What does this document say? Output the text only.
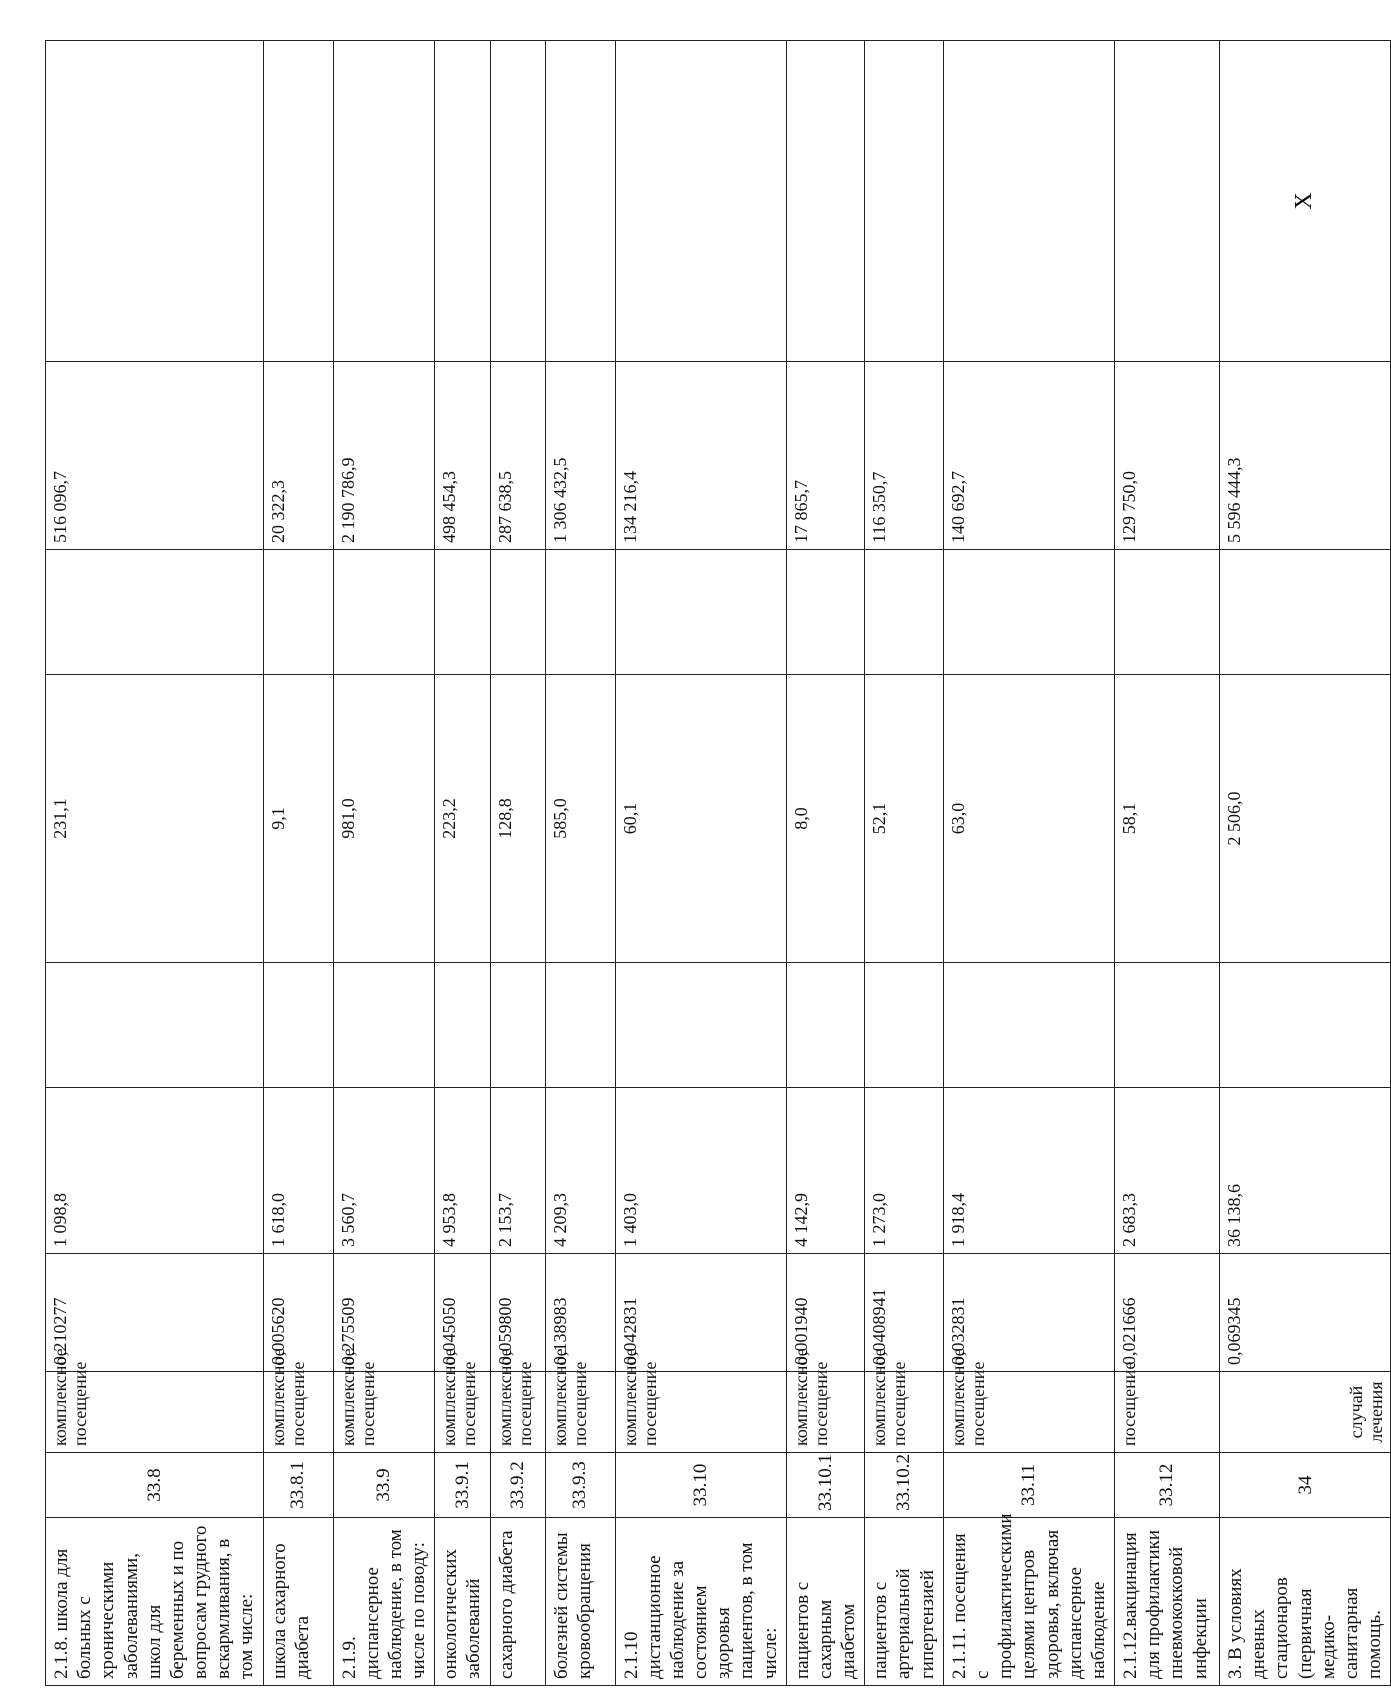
2.1.8. школа для больных с хроническими заболеваниями, школ для беременных и по вопросам грудного вскармливания, в том числе:	33.8	комплексное посещение	0,210277	1 098,8		231,1		516 096,7	
школа сахарного диабета	33.8.1	комплексное посещение	0,005620	1 618,0		9,1		20 322,3	
2.1.9. диспансерное наблюдение, в том числе по поводу:	33.9	комплексное посещение	0,275509	3 560,7		981,0		2 190 786,9	
онкологических заболеваний	33.9.1	комплексное посещение	0,045050	4 953,8		223,2		498 454,3	
сахарного диабета	33.9.2	комплексное посещение	0,059800	2 153,7		128,8		287 638,5	
болезней системы кровообращения	33.9.3	комплексное посещение	0,138983	4 209,3		585,0		1 306 432,5	
2.1.10 дистанционное наблюдение за состоянием здоровья пациентов, в том числе:	33.10	комплексное посещение	0,042831	1 403,0		60,1		134 216,4	
пациентов с сахарным диабетом	33.10.1	комплексное посещение	0,001940	4 142,9		8,0		17 865,7	
пациентов с артериальной гипертензией	33.10.2	комплексное посещение	0,0408941	1 273,0		52,1		116 350,7	
2.1.11. посещения с профилактическими целями центров здоровья, включая диспансерное наблюдение	33.11	комплексное посещение	0,032831	1 918,4		63,0		140 692,7	
2.1.12.вакцинация для профилактики пневмококковой инфекции	33.12	посещение	0,021666	2 683,3		58,1		129 750,0	
3. В условиях дневных стационаров (первичная медико-санитарная помощь.	34	случай лечения	0,069345	36 138,6		2 506,0		5 596 444,3	X
